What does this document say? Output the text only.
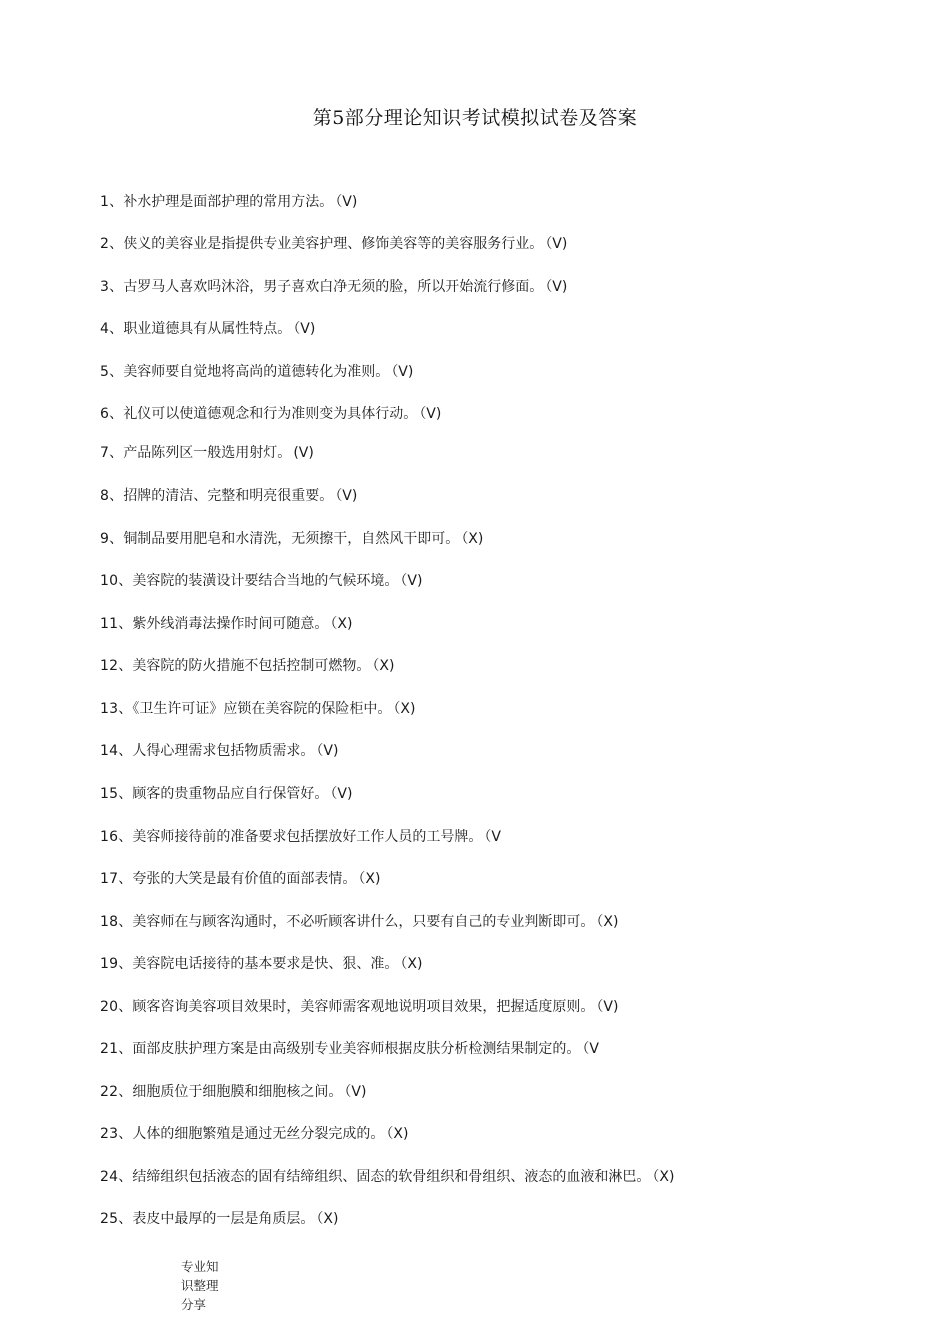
第5部分理论知识考试模拟试卷及答案
1、补水护理是面部护理的常用方法。 （V)
2、侠义的美容业是指提供专业美容护理、修饰美容等的美容服务行业。 （V)
3、古罗马人喜欢吗沐浴，男子喜欢白净无须的脸，所以开始流行修面。 （V)
4、职业道德具有从属性特点。 （V)
5、美容师要自觉地将高尚的道德转化为准则。 （V)
6、礼仪可以使道德观念和行为准则变为具体行动。 （V)
7、产品陈列区一般选用射灯。 (V)
8、招牌的清洁、完整和明亮很重要。 （V)
9、铜制品要用肥皂和水清洗，无须擦干，自然风干即可。 （X)
10、美容院的装潢设计要结合当地的气候环境。 （V)
11、紫外线消毒法操作时间可随意。 （X)
12、美容院的防火措施不包括控制可燃物。 （X)
13、《卫生许可证》应锁在美容院的保险柜中。 （X)
14、人得心理需求包括物质需求。 （V)
15、顾客的贵重物品应自行保管好。 （V)
16、美容师接待前的准备要求包括摆放好工作人员的工号牌。 （V
17、夸张的大笑是最有价值的面部表情。 （X)
18、美容师在与顾客沟通时，不必听顾客讲什么，只要有自己的专业判断即可。 （X)
19、美容院电话接待的基本要求是快、狠、准。 （X)
20、顾客咨询美容项目效果时，美容师需客观地说明项目效果，把握适度原则。 （V)
21、面部皮肤护理方案是由高级别专业美容师根据皮肤分析检测结果制定的。 （V
22、细胞质位于细胞膜和细胞核之间。 （V)
23、人体的细胞繁殖是通过无丝分裂完成的。 （X)
24、结缔组织包括液态的固有结缔组织、固态的软骨组织和骨组织、液态的血液和淋巴。 （X)
25、表皮中最厚的一层是角质层。 （X)
专业知识整理分享
